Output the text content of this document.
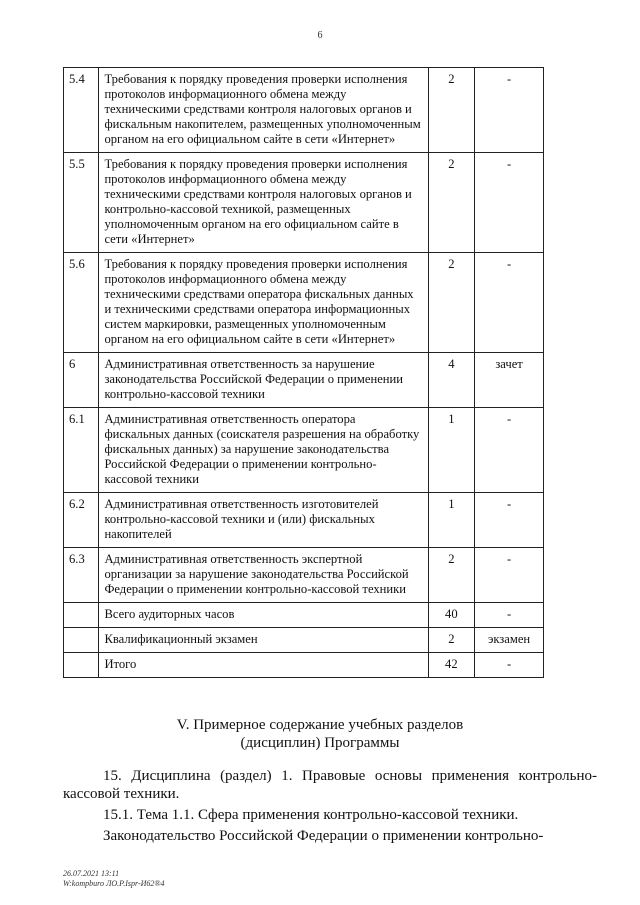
6
5.4	Требования к порядку проведения проверки исполнения протоколов информационного обмена между техническими средствами контроля налоговых органов и фискальным накопителем, размещенных уполномоченным органом на его официальном сайте в сети «Интернет»	2	-
5.5	Требования к порядку проведения проверки исполнения протоколов информационного обмена между техническими средствами контроля налоговых органов и контрольно-кассовой техникой, размещенных уполномоченным органом на его официальном сайте в сети «Интернет»	2	-
5.6	Требования к порядку проведения проверки исполнения протоколов информационного обмена между техническими средствами оператора фискальных данных и техническими средствами оператора информационных систем маркировки, размещенных уполномоченным органом на его официальном сайте в сети «Интернет»	2	-
6	Административная ответственность за нарушение законодательства Российской Федерации о применении контрольно-кассовой техники	4	зачет
6.1	Административная ответственность оператора фискальных данных (соискателя разрешения на обработку фискальных данных) за нарушение законодательства Российской Федерации о применении контрольно-кассовой техники	1	-
6.2	Административная ответственность изготовителей контрольно-кассовой техники и (или) фискальных накопителей	1	-
6.3	Административная ответственность экспертной организации за нарушение законодательства Российской Федерации о применении контрольно-кассовой техники	2	-
	Всего аудиторных часов	40	-
	Квалификационный экзамен	2	экзамен
	Итого	42	-
V. Примерное содержание учебных разделов
(дисциплин) Программы

15. Дисциплина (раздел) 1. Правовые основы применения контрольно-кассовой техники.

15.1. Тема 1.1. Сфера применения контрольно-кассовой техники.

Законодательство Российской Федерации о применении контрольно-

26.07.2021 13:11
W:kompburo ЛО.Р.Ispr-И62®4
